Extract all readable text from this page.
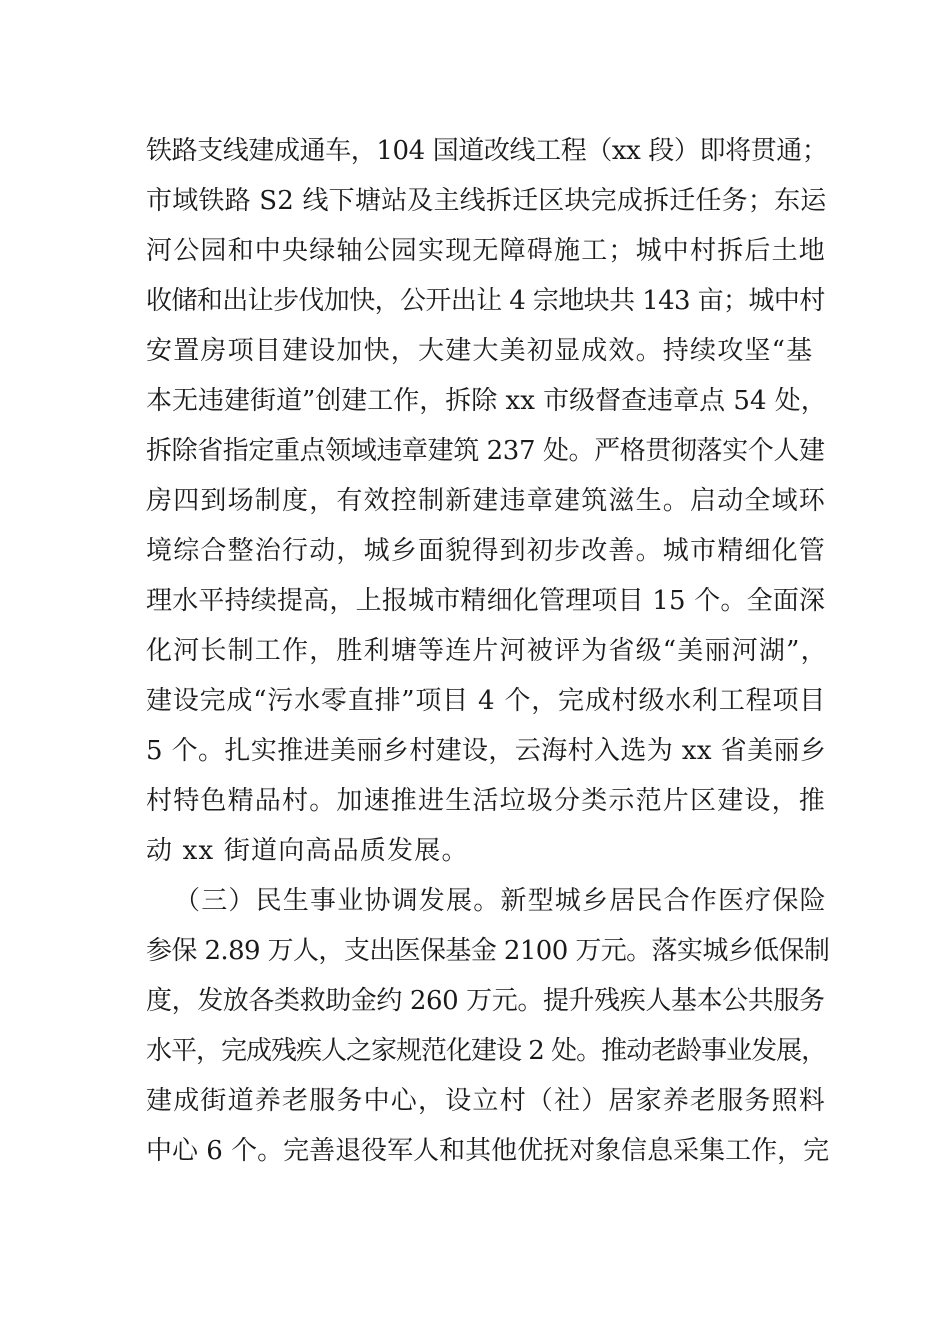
铁路支线建成通车，104 国道改线工程（xx 段）即将贯通；
市域铁路 S2 线下塘站及主线拆迁区块完成拆迁任务；东运
河公园和中央绿轴公园实现无障碍施工；城中村拆后土地
收储和出让步伐加快，公开出让 4 宗地块共 143 亩；城中村
安置房项目建设加快，大建大美初显成效。持续攻坚“基
本无违建街道”创建工作，拆除 xx 市级督查违章点 54 处，
拆除省指定重点领域违章建筑 237 处。严格贯彻落实个人建
房四到场制度，有效控制新建违章建筑滋生。启动全域环
境综合整治行动，城乡面貌得到初步改善。城市精细化管
理水平持续提高，上报城市精细化管理项目 15 个。全面深
化河长制工作，胜利塘等连片河被评为省级“美丽河湖”，
建设完成“污水零直排”项目 4 个，完成村级水利工程项目
5 个。扎实推进美丽乡村建设，云海村入选为 xx 省美丽乡
村特色精品村。加速推进生活垃圾分类示范片区建设，推
动 xx 街道向高品质发展。
（三）民生事业协调发展。新型城乡居民合作医疗保险
参保 2.89 万人，支出医保基金 2100 万元。落实城乡低保制
度，发放各类救助金约 260 万元。提升残疾人基本公共服务
水平，完成残疾人之家规范化建设 2 处。推动老龄事业发展，
建成街道养老服务中心，设立村（社）居家养老服务照料
中心 6 个。完善退役军人和其他优抚对象信息采集工作，完
